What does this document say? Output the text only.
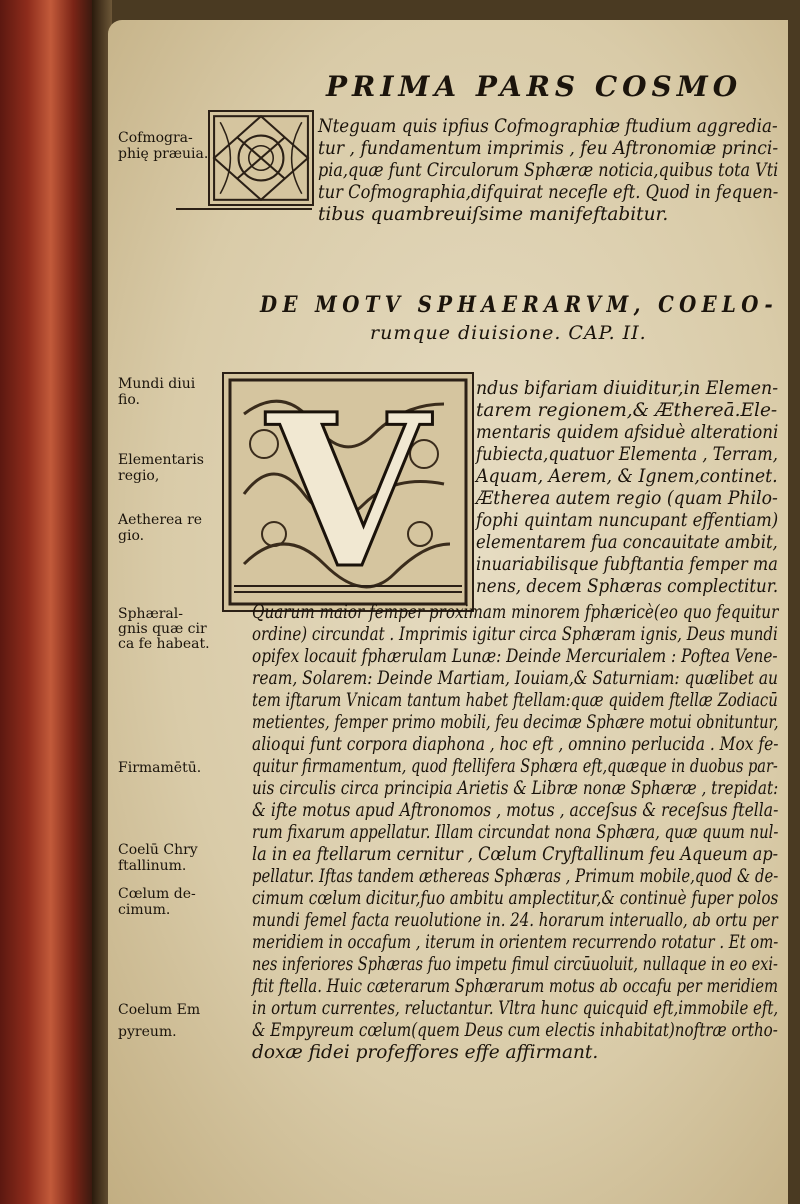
PRIMA PARS COSMO
Nteguam quis ipfius Cofmographiæ ftudium aggredia-
tur , fundamentum imprimis , feu Aftronomiæ princi-
pia,quæ funt Circulorum Sphæræ noticia,quibus tota Vti
tur Cofmographia,difquirat necefle eft. Quod in fequen-
tibus quambreuiſsime manifeftabitur.
DE MOTV SPHAERARVM, COELO-
rumque diuisione. CAP. II.
V	ndus bifariam diuiditur,in Elemen-
tarem regionem,& Æthereā.Ele-
mentaris quidem afsiduè alterationi
fubiecta,quatuor Elementa , Terram,
Aquam, Aerem, & Ignem,continet.
Ætherea autem regio (quam Philo-
fophi quintam nuncupant effentiam)
elementarem fua concauitate ambit,
inuariabilisque fubftantia femper ma
nens, decem Sphæras complectitur.
Quarum maior femper proximam minorem fphæricè(eo quo fequitur
ordine) circundat . Imprimis igitur circa Sphæram ignis, Deus mundi
opifex locauit fphærulam Lunæ: Deinde Mercurialem : Poftea Vene-
ream, Solarem: Deinde Martiam, Iouiam,& Saturniam: quælibet au
tem iftarum Vnicam tantum habet ftellam:quæ quidem ftellæ Zodiacū
metientes, femper primo mobili, feu decimæ Sphære motui obnituntur,
alioqui funt corpora diaphona , hoc eft , omnino perlucida . Mox fe-
quitur firmamentum, quod ftellifera Sphæra eft,quæque in duobus par-
uis circulis circa principia Arietis & Libræ nonæ Sphæræ , trepidat:
& ifte motus apud Aftronomos , motus , acceſsus & receſsus ftella-
rum fixarum appellatur. Illam circundat nona Sphæra, quæ quum nul-
la in ea ftellarum cernitur , Cœlum Cryftallinum feu Aqueum ap-
pellatur. Iftas tandem æthereas Sphæras , Primum mobile,quod & de-
cimum cœlum dicitur,fuo ambitu amplectitur,& continuè fuper polos
mundi femel facta reuolutione in. 24. horarum interuallo, ab ortu per
meridiem in occafum , iterum in orientem recurrendo rotatur . Et om-
nes inferiores Sphæras fuo impetu fimul circūuoluit, nullaque in eo exi-
ftit ftella. Huic cæterarum Sphærarum motus ab occafu per meridiem
in ortum currentes, reluctantur. Vltra hunc quicquid eft,immobile eft,
& Empyreum cœlum(quem Deus cum electis inhabitat)noftræ ortho-
doxæ fidei profeffores effe affirmant.
Cofmogra-
phię præuia.
Mundi diui
fio.
Elementaris
regio,
Aetherea re
gio.
Sphæral-
gnis quæ cir
ca fe habeat.
Firmamētū.
Coelū Chry
ftallinum.
Cœlum de-
cimum.
Coelum Em
pyreum.
